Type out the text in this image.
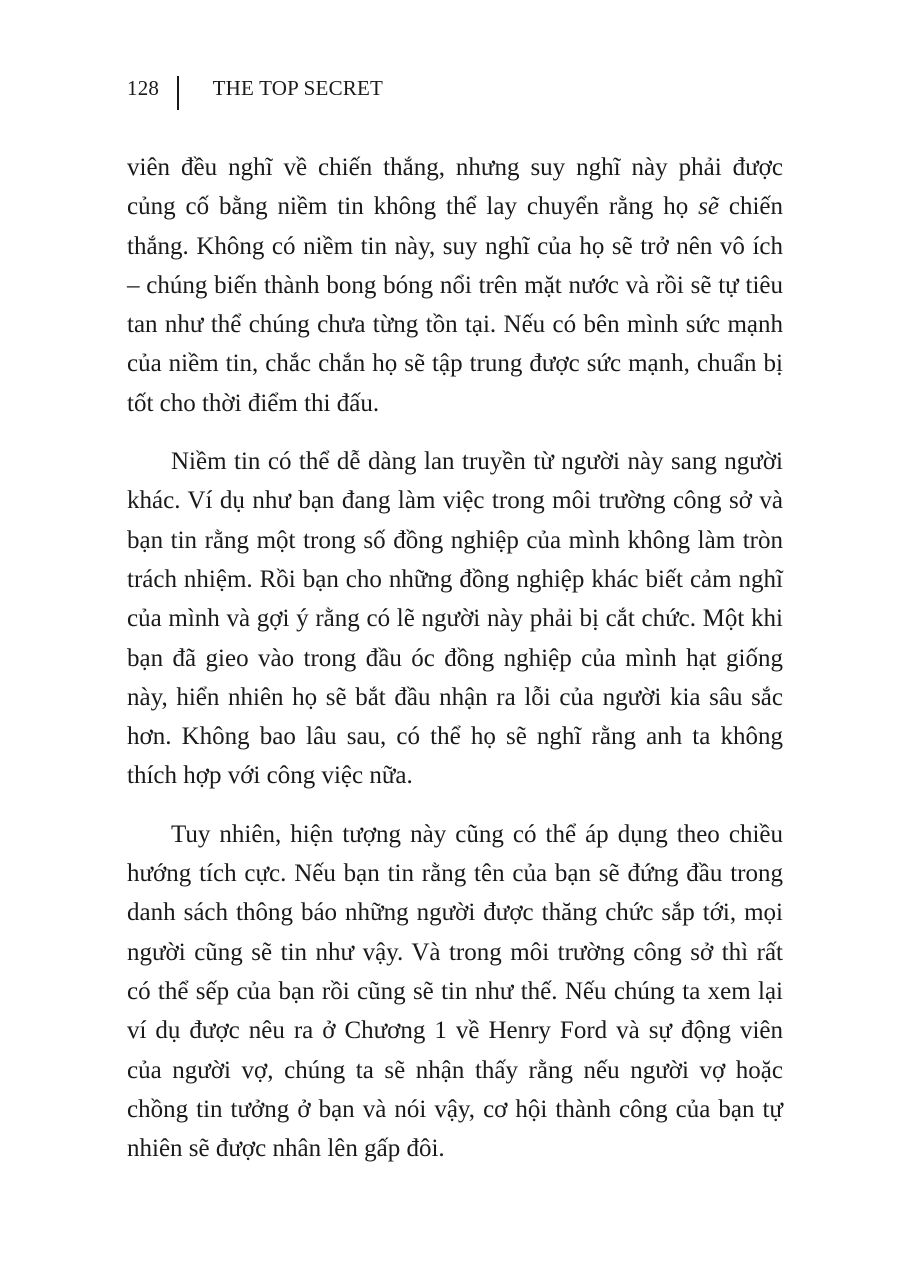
128	THE TOP SECRET

viên đều nghĩ về chiến thắng, nhưng suy nghĩ này phải được củng cố bằng niềm tin không thể lay chuyển rằng họ sẽ chiến thắng. Không có niềm tin này, suy nghĩ của họ sẽ trở nên vô ích – chúng biến thành bong bóng nổi trên mặt nước và rồi sẽ tự tiêu tan như thể chúng chưa từng tồn tại. Nếu có bên mình sức mạnh của niềm tin, chắc chắn họ sẽ tập trung được sức mạnh, chuẩn bị tốt cho thời điểm thi đấu.

Niềm tin có thể dễ dàng lan truyền từ người này sang người khác. Ví dụ như bạn đang làm việc trong môi trường công sở và bạn tin rằng một trong số đồng nghiệp của mình không làm tròn trách nhiệm. Rồi bạn cho những đồng nghiệp khác biết cảm nghĩ của mình và gợi ý rằng có lẽ người này phải bị cắt chức. Một khi bạn đã gieo vào trong đầu óc đồng nghiệp của mình hạt giống này, hiển nhiên họ sẽ bắt đầu nhận ra lỗi của người kia sâu sắc hơn. Không bao lâu sau, có thể họ sẽ nghĩ rằng anh ta không thích hợp với công việc nữa.

Tuy nhiên, hiện tượng này cũng có thể áp dụng theo chiều hướng tích cực. Nếu bạn tin rằng tên của bạn sẽ đứng đầu trong danh sách thông báo những người được thăng chức sắp tới, mọi người cũng sẽ tin như vậy. Và trong môi trường công sở thì rất có thể sếp của bạn rồi cũng sẽ tin như thế. Nếu chúng ta xem lại ví dụ được nêu ra ở Chương 1 về Henry Ford và sự động viên của người vợ, chúng ta sẽ nhận thấy rằng nếu người vợ hoặc chồng tin tưởng ở bạn và nói vậy, cơ hội thành công của bạn tự nhiên sẽ được nhân lên gấp đôi.
